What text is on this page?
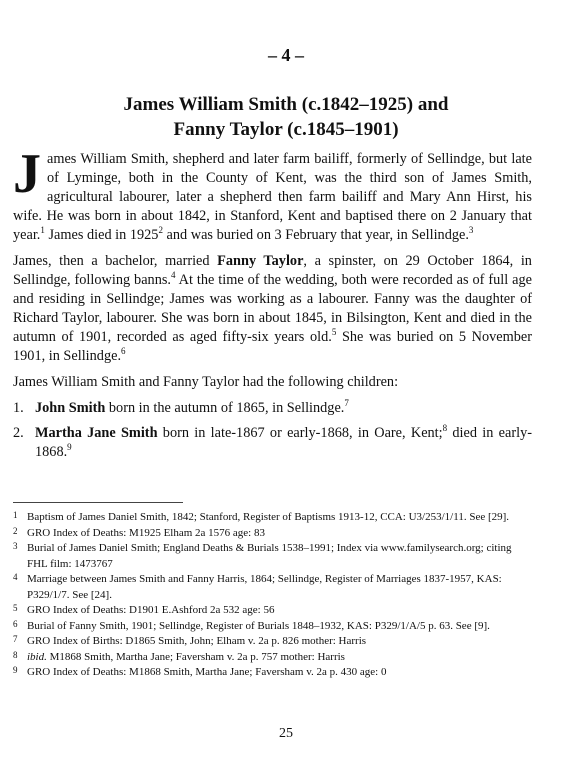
– 4 –
James William Smith (c.1842–1925) and
Fanny Taylor (c.1845–1901)

James William Smith, shepherd and later farm bailiff, formerly of Sellindge, but late of Lyminge, both in the County of Kent, was the third son of James Smith, agricultural labourer, later a shepherd then farm bailiff and Mary Ann Hirst, his wife. He was born in about 1842, in Stanford, Kent and baptised there on 2 January that year.$^1$ James died in 1925$^2$ and was buried on 3 February that year, in Sellindge.$^3$

James, then a bachelor, married Fanny Taylor, a spinster, on 29 October 1864, in Sellindge, following banns.$^4$ At the time of the wedding, both were recorded as of full age and residing in Sellindge; James was working as a labourer. Fanny was the daughter of Richard Taylor, labourer. She was born in about 1845, in Bilsington, Kent and died in the autumn of 1901, recorded as aged fifty-six years old.$^5$ She was buried on 5 November 1901, in Sellindge.$^6$

James William Smith and Fanny Taylor had the following children:

1. John Smith born in the autumn of 1865, in Sellindge.$^7$
2. Martha Jane Smith born in late-1867 or early-1868, in Oare, Kent;$^8$ died in early-1868.$^9$
1 Baptism of James Daniel Smith, 1842; Stanford, Register of Baptisms 1913-12, CCA: U3/253/1/11. See [29].
2 GRO Index of Deaths: M1925 Elham 2a 1576 age: 83
3 Burial of James Daniel Smith; England Deaths & Burials 1538–1991; Index via www.familysearch.org; citing FHL film: 1473767
4 Marriage between James Smith and Fanny Harris, 1864; Sellindge, Register of Marriages 1837-1957, KAS: P329/1/7. See [24].
5 GRO Index of Deaths: D1901 E.Ashford 2a 532 age: 56
6 Burial of Fanny Smith, 1901; Sellindge, Register of Burials 1848–1932, KAS: P329/1/A/5 p. 63. See [9].
7 GRO Index of Births: D1865 Smith, John; Elham v. 2a p. 826 mother: Harris
8 ibid. M1868 Smith, Martha Jane; Faversham v. 2a p. 757 mother: Harris
9 GRO Index of Deaths: M1868 Smith, Martha Jane; Faversham v. 2a p. 430 age: 0
25
